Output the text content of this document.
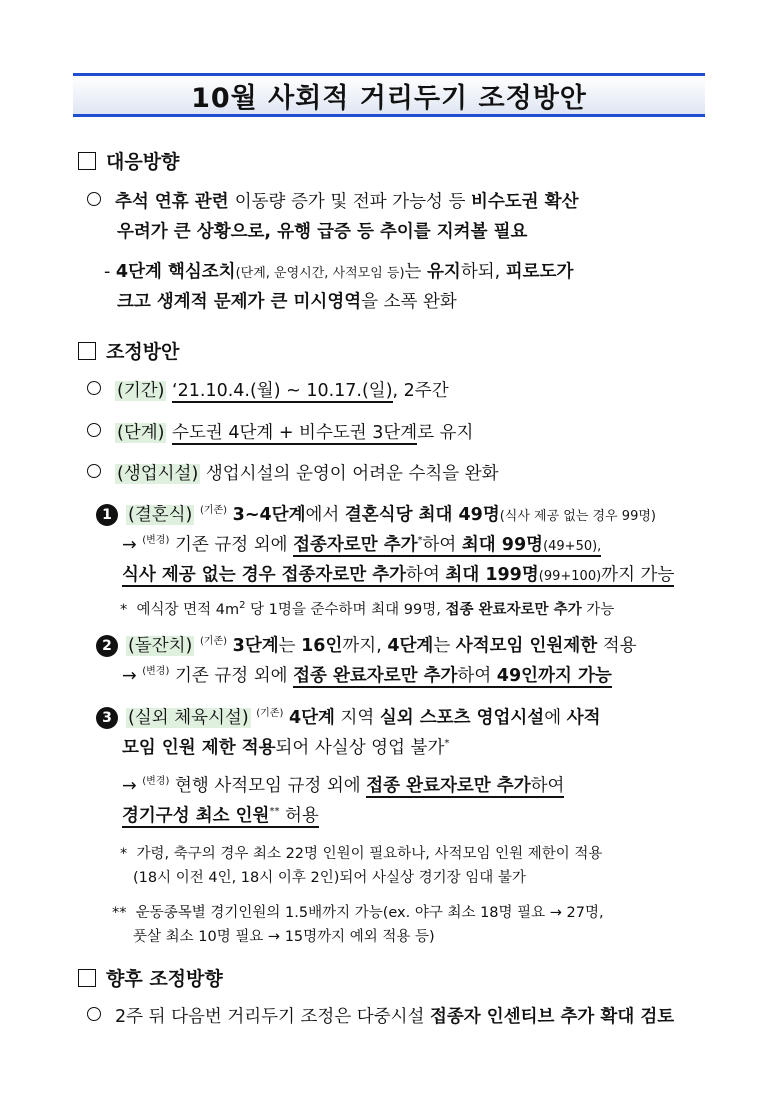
10월 사회적 거리두기 조정방안
대응방향
추석 연휴 관련 이동량 증가 및 전파 가능성 등 비수도권 확산
우려가 큰 상황으로, 유행 급증 등 추이를 지켜볼 필요
- 4단계 핵심조치(단계, 운영시간, 사적모임 등)는 유지하되, 피로도가
크고 생계적 문제가 큰 미시영역을 소폭 완화
조정방안
(기간) ‘21.10.4.(월) ~ 10.17.(일), 2주간
(단계) 수도권 4단계 + 비수도권 3단계로 유지
(생업시설) 생업시설의 운영이 어려운 수칙을 완화
1 (결혼식) $^{(기존)}$ 3~4단계에서 결혼식당 최대 49명(식사 제공 없는 경우 99명)
→ $^{(변경)}$ 기존 규정 외에 접종자로만 추가*하여 최대 99명(49+50),
식사 제공 없는 경우 접종자로만 추가하여 최대 199명(99+100)까지 가능
* 예식장 면적 $4m^2$ 당 1명을 준수하며 최대 99명, 접종 완료자로만 추가 가능
2 (돌잔치) $^{(기존)}$ 3단계는 16인까지, 4단계는 사적모임 인원제한 적용
→ $^{(변경)}$ 기존 규정 외에 접종 완료자로만 추가하여 49인까지 가능
3 (실외 체육시설) $^{(기존)}$ 4단계 지역 실외 스포츠 영업시설에 사적
모임 인원 제한 적용되어 사실상 영업 불가*
→ $^{(변경)}$ 현행 사적모임 규정 외에 접종 완료자로만 추가하여
경기구성 최소 인원** 허용
* 가령, 축구의 경우 최소 22명 인원이 필요하나, 사적모임 인원 제한이 적용
(18시 이전 4인, 18시 이후 2인)되어 사실상 경기장 임대 불가
** 운동종목별 경기인원의 1.5배까지 가능(ex. 야구 최소 18명 필요 → 27명,
풋살 최소 10명 필요 → 15명까지 예외 적용 등)
향후 조정방향
2주 뒤 다음번 거리두기 조정은 다중시설 접종자 인센티브 추가 확대 검토
